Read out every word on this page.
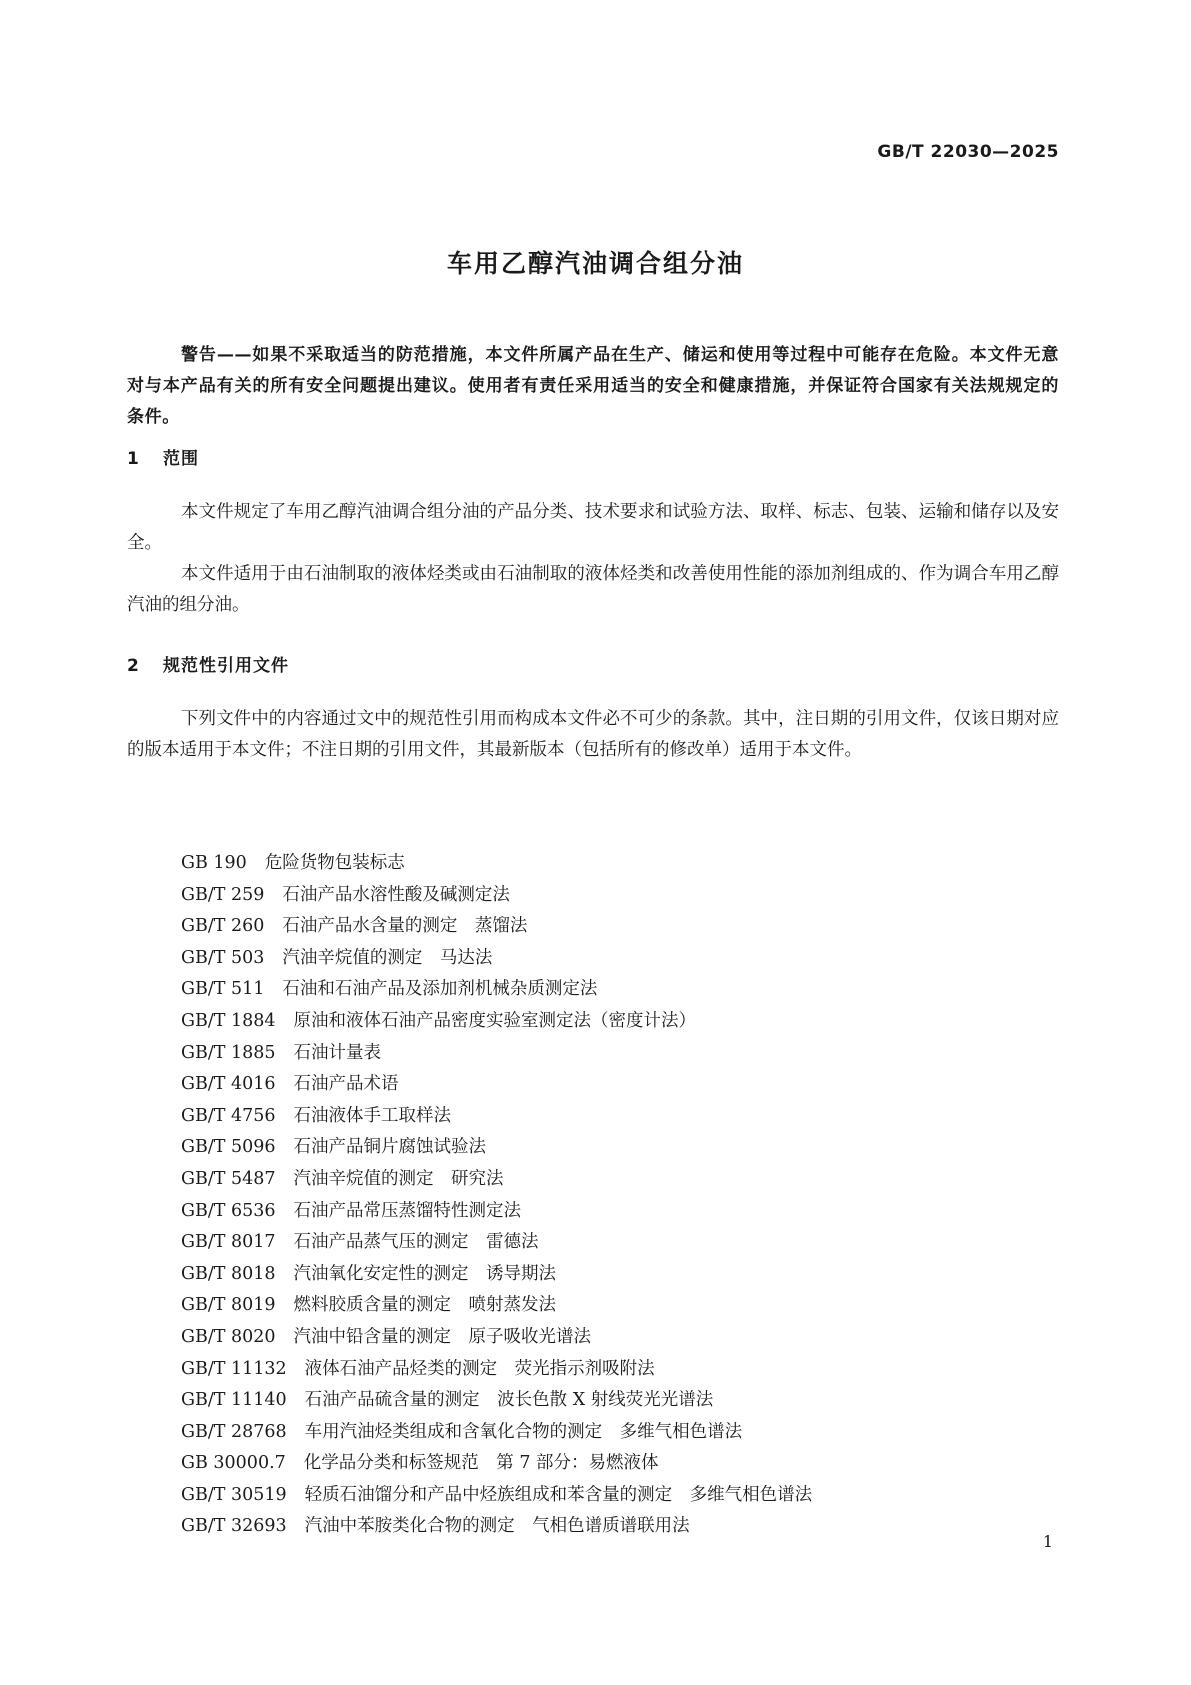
GB/T 22030—2025
车用乙醇汽油调合组分油

警告——如果不采取适当的防范措施，本文件所属产品在生产、储运和使用等过程中可能存在危险。本文件无意对与本产品有关的所有安全问题提出建议。使用者有责任采用适当的安全和健康措施，并保证符合国家有关法规规定的条件。

1 范围

本文件规定了车用乙醇汽油调合组分油的产品分类、技术要求和试验方法、取样、标志、包装、运输和储存以及安全。

本文件适用于由石油制取的液体烃类或由石油制取的液体烃类和改善使用性能的添加剂组成的、作为调合车用乙醇汽油的组分油。

2 规范性引用文件

下列文件中的内容通过文中的规范性引用而构成本文件必不可少的条款。其中，注日期的引用文件，仅该日期对应的版本适用于本文件；不注日期的引用文件，其最新版本（包括所有的修改单）适用于本文件。

GB 190 危险货物包装标志
GB/T 259 石油产品水溶性酸及碱测定法
GB/T 260 石油产品水含量的测定　蒸馏法
GB/T 503 汽油辛烷值的测定　马达法
GB/T 511 石油和石油产品及添加剂机械杂质测定法
GB/T 1884 原油和液体石油产品密度实验室测定法（密度计法）
GB/T 1885 石油计量表
GB/T 4016 石油产品术语
GB/T 4756 石油液体手工取样法
GB/T 5096 石油产品铜片腐蚀试验法
GB/T 5487 汽油辛烷值的测定　研究法
GB/T 6536 石油产品常压蒸馏特性测定法
GB/T 8017 石油产品蒸气压的测定　雷德法
GB/T 8018 汽油氧化安定性的测定　诱导期法
GB/T 8019 燃料胶质含量的测定　喷射蒸发法
GB/T 8020 汽油中铅含量的测定　原子吸收光谱法
GB/T 11132 液体石油产品烃类的测定　荧光指示剂吸附法
GB/T 11140 石油产品硫含量的测定　波长色散 X 射线荧光光谱法
GB/T 28768 车用汽油烃类组成和含氧化合物的测定　多维气相色谱法
GB 30000.7 化学品分类和标签规范　第 7 部分：易燃液体
GB/T 30519 轻质石油馏分和产品中烃族组成和苯含量的测定　多维气相色谱法
GB/T 32693 汽油中苯胺类化合物的测定　气相色谱质谱联用法
1
